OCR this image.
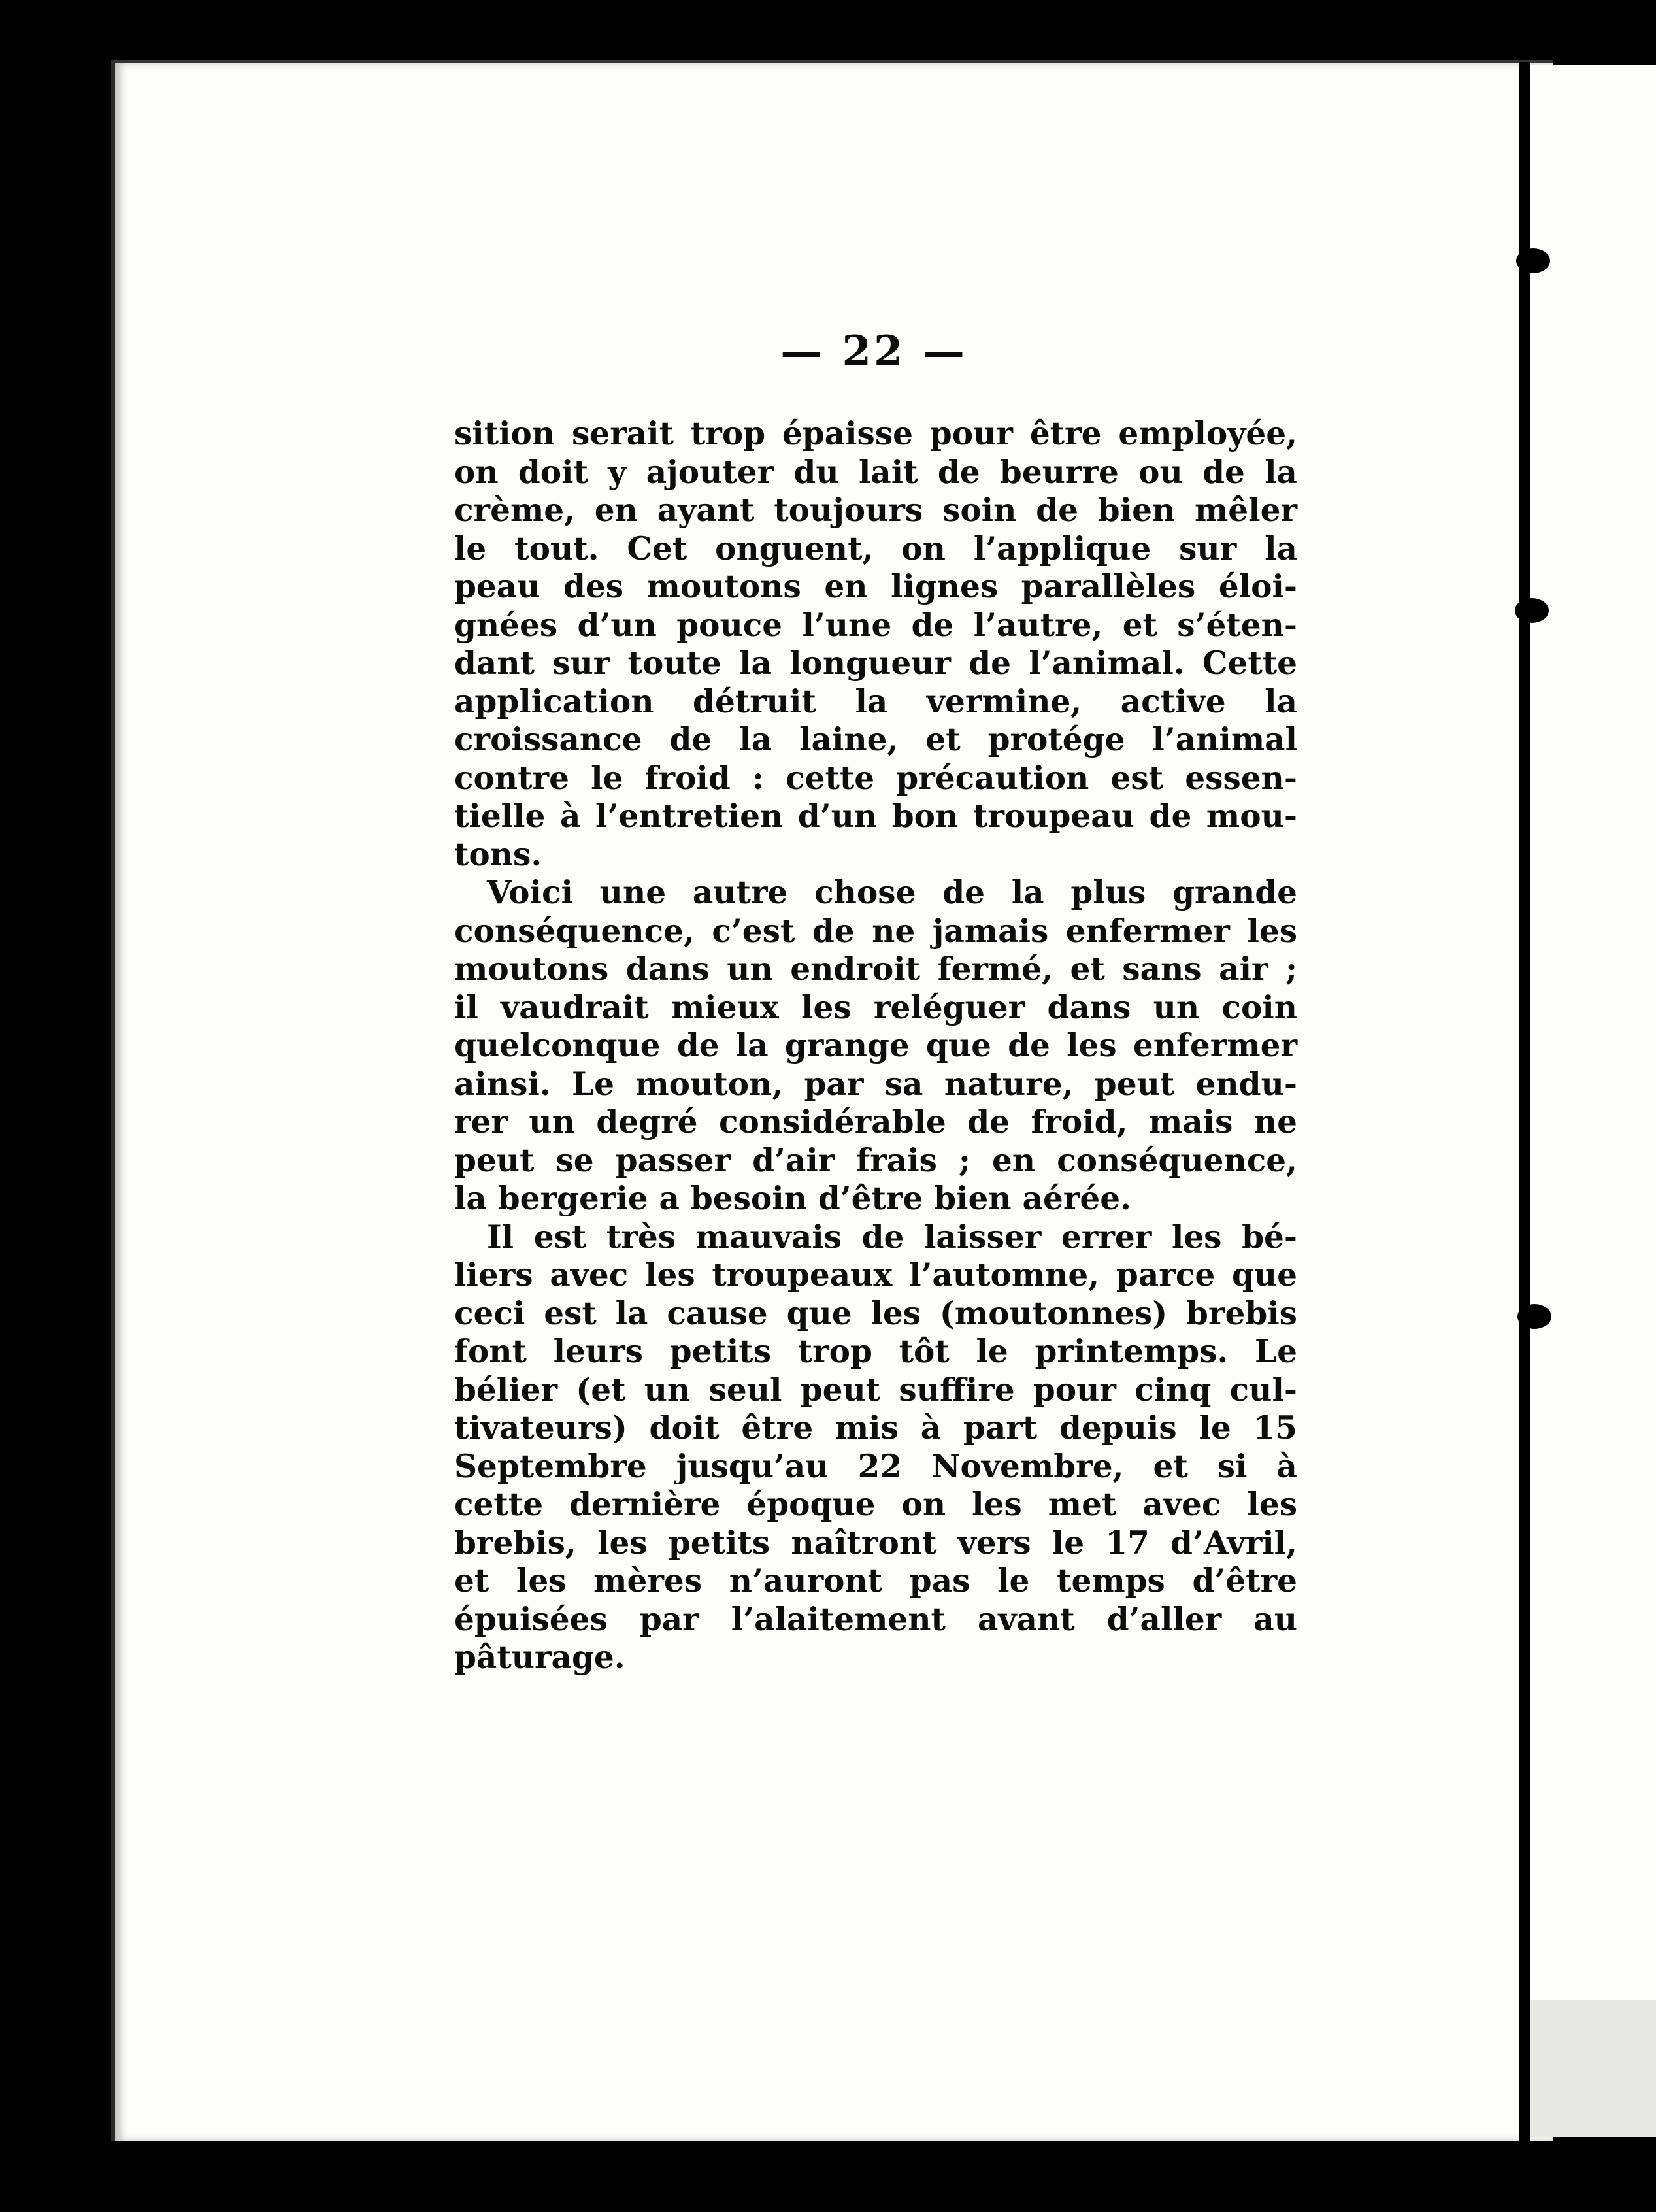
— 22 —
sition serait trop épaisse pour être employée,
on doit y ajouter du lait de beurre ou de la
crème, en ayant toujours soin de bien mêler
le tout. Cet onguent, on l’applique sur la
peau des moutons en lignes parallèles éloi-
gnées d’un pouce l’une de l’autre, et s’éten-
dant sur toute la longueur de l’animal. Cette
application détruit la vermine, active la
croissance de la laine, et protége l’animal
contre le froid : cette précaution est essen-
tielle à l’entretien d’un bon troupeau de mou-
tons.
Voici une autre chose de la plus grande
conséquence, c’est de ne jamais enfermer les
moutons dans un endroit fermé, et sans air ;
il vaudrait mieux les reléguer dans un coin
quelconque de la grange que de les enfermer
ainsi. Le mouton, par sa nature, peut endu-
rer un degré considérable de froid, mais ne
peut se passer d’air frais ; en conséquence,
la bergerie a besoin d’être bien aérée.
Il est très mauvais de laisser errer les bé-
liers avec les troupeaux l’automne, parce que
ceci est la cause que les (moutonnes) brebis
font leurs petits trop tôt le printemps. Le
bélier (et un seul peut suffire pour cinq cul-
tivateurs) doit être mis à part depuis le 15
Septembre jusqu’au 22 Novembre, et si à
cette dernière époque on les met avec les
brebis, les petits naîtront vers le 17 d’Avril,
et les mères n’auront pas le temps d’être
épuisées par l’alaitement avant d’aller au
pâturage.
